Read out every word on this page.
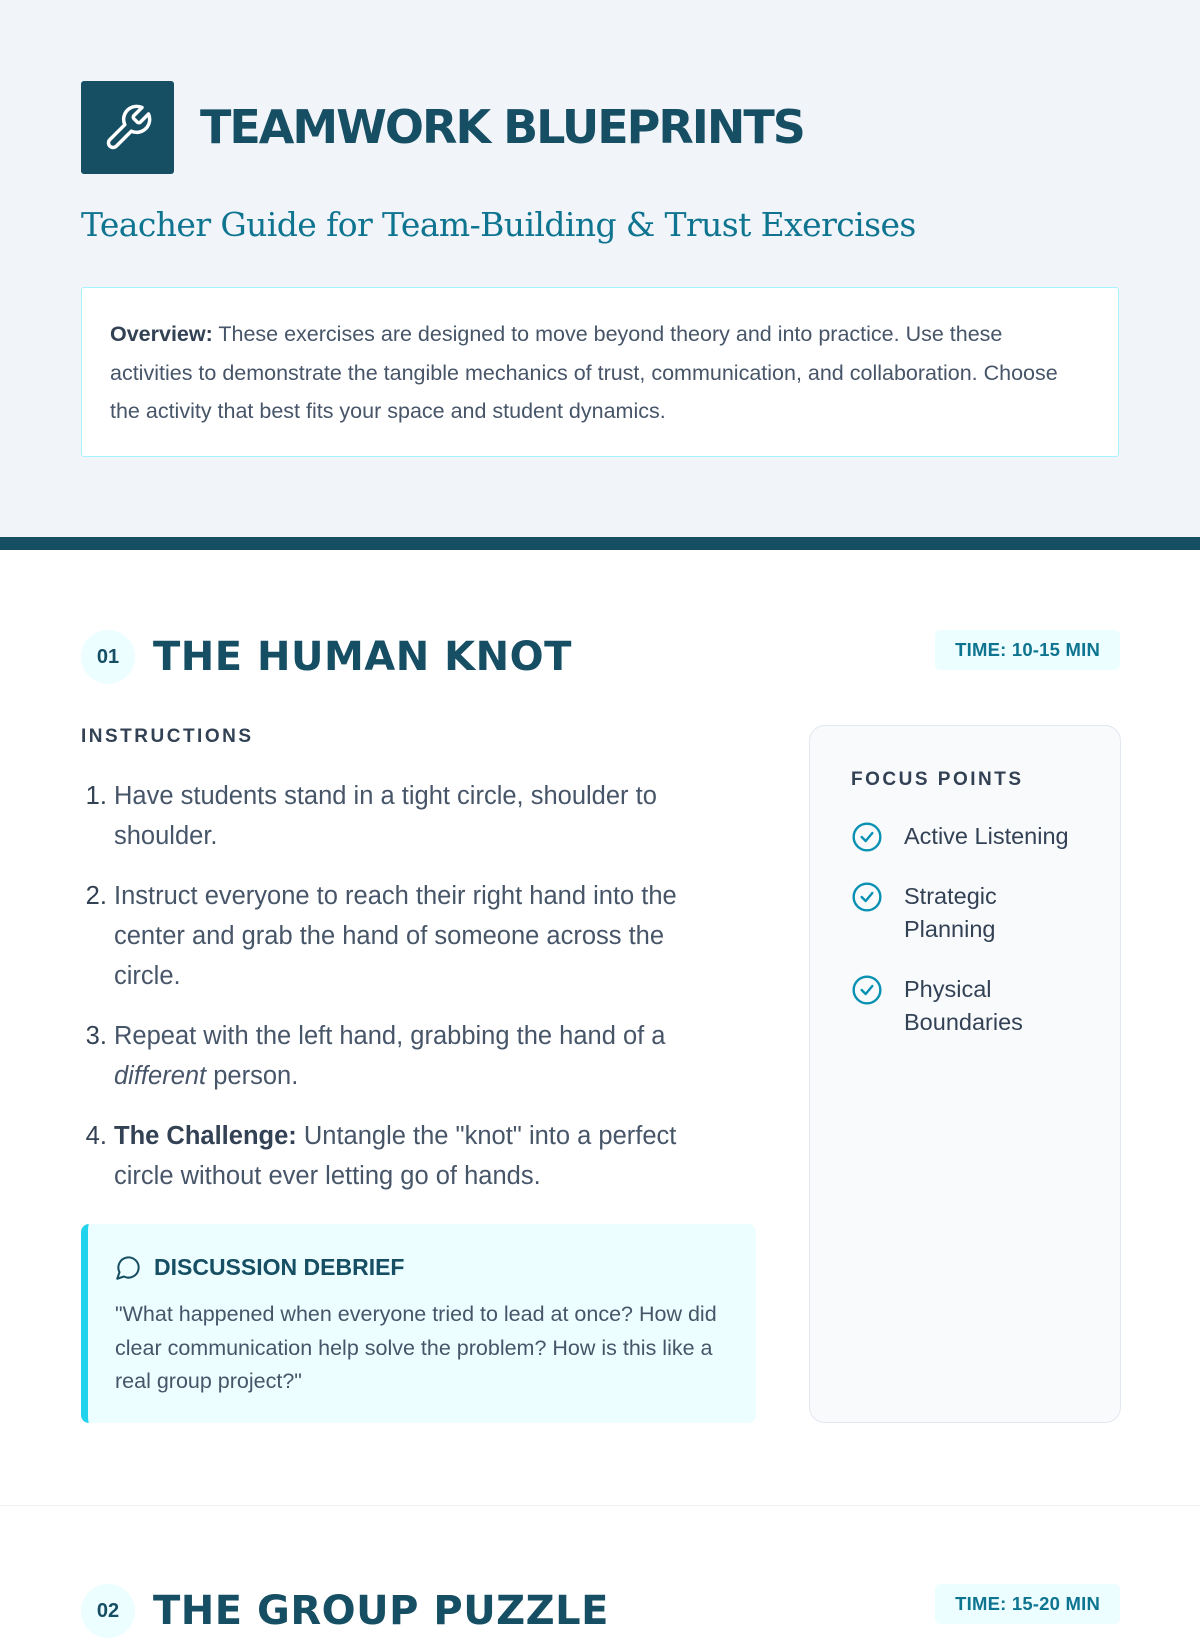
TEAMWORK BLUEPRINTS
Teacher Guide for Team-Building & Trust Exercises
Overview: These exercises are designed to move beyond theory and into practice. Use these activities to demonstrate the tangible mechanics of trust, communication, and collaboration. Choose the activity that best fits your space and student dynamics.
01 THE HUMAN KNOT	TIME: 10-15 MIN
INSTRUCTIONS
1. Have students stand in a tight circle, shoulder to shoulder.
2. Instruct everyone to reach their right hand into the center and grab the hand of someone across the circle.
3. Repeat with the left hand, grabbing the hand of a different person.
4. The Challenge: Untangle the "knot" into a perfect circle without ever letting go of hands.
DISCUSSION DEBRIEF
"What happened when everyone tried to lead at once? How did clear communication help solve the problem? How is this like a real group project?"
FOCUS POINTS
Active Listening
Strategic Planning
Physical Boundaries
02 THE GROUP PUZZLE	TIME: 15-20 MIN
